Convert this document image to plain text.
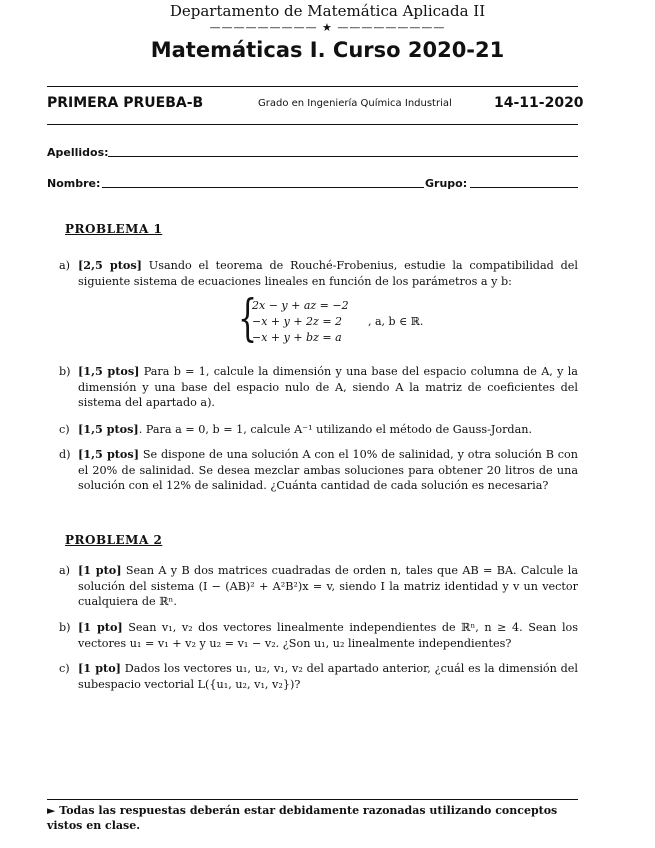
Departamento de Matemática Aplicada II
————————— ★ —————————
Matemáticas I. Curso 2020-21
PRIMERA PRUEBA-B	Grado en Ingeniería Química Industrial	14-11-2020
Apellidos:
Nombre:	Grupo:
PROBLEMA 1
a) [2,5 ptos] Usando el teorema de Rouché-Frobenius, estudie la compatibilidad del siguiente sistema de ecuaciones lineales en función de los parámetros a y b:
{
2x − y + az = −2
−x + y + 2z = 2
−x + y + bz = a
, a, b ∈ ℝ.
b) [1,5 ptos] Para b = 1, calcule la dimensión y una base del espacio columna de A, y la dimensión y una base del espacio nulo de A, siendo A la matriz de coeficientes del sistema del apartado a).
c) [1,5 ptos]. Para a = 0, b = 1, calcule A⁻¹ utilizando el método de Gauss-Jordan.
d) [1,5 ptos] Se dispone de una solución A con el 10% de salinidad, y otra solución B con el 20% de salinidad. Se desea mezclar ambas soluciones para obtener 20 litros de una solución con el 12% de salinidad. ¿Cuánta cantidad de cada solución es necesaria?
PROBLEMA 2
a) [1 pto] Sean A y B dos matrices cuadradas de orden n, tales que AB = BA. Calcule la solución del sistema (I − (AB)² + A²B²)x = v, siendo I la matriz identidad y v un vector cualquiera de ℝⁿ.
b) [1 pto] Sean v₁, v₂ dos vectores linealmente independientes de ℝⁿ, n ≥ 4. Sean los vectores u₁ = v₁ + v₂ y u₂ = v₁ − v₂. ¿Son u₁, u₂ linealmente independientes?
c) [1 pto] Dados los vectores u₁, u₂, v₁, v₂ del apartado anterior, ¿cuál es la dimensión del subespacio vectorial L({u₁, u₂, v₁, v₂})?
► Todas las respuestas deberán estar debidamente razonadas utilizando conceptos vistos en clase.
